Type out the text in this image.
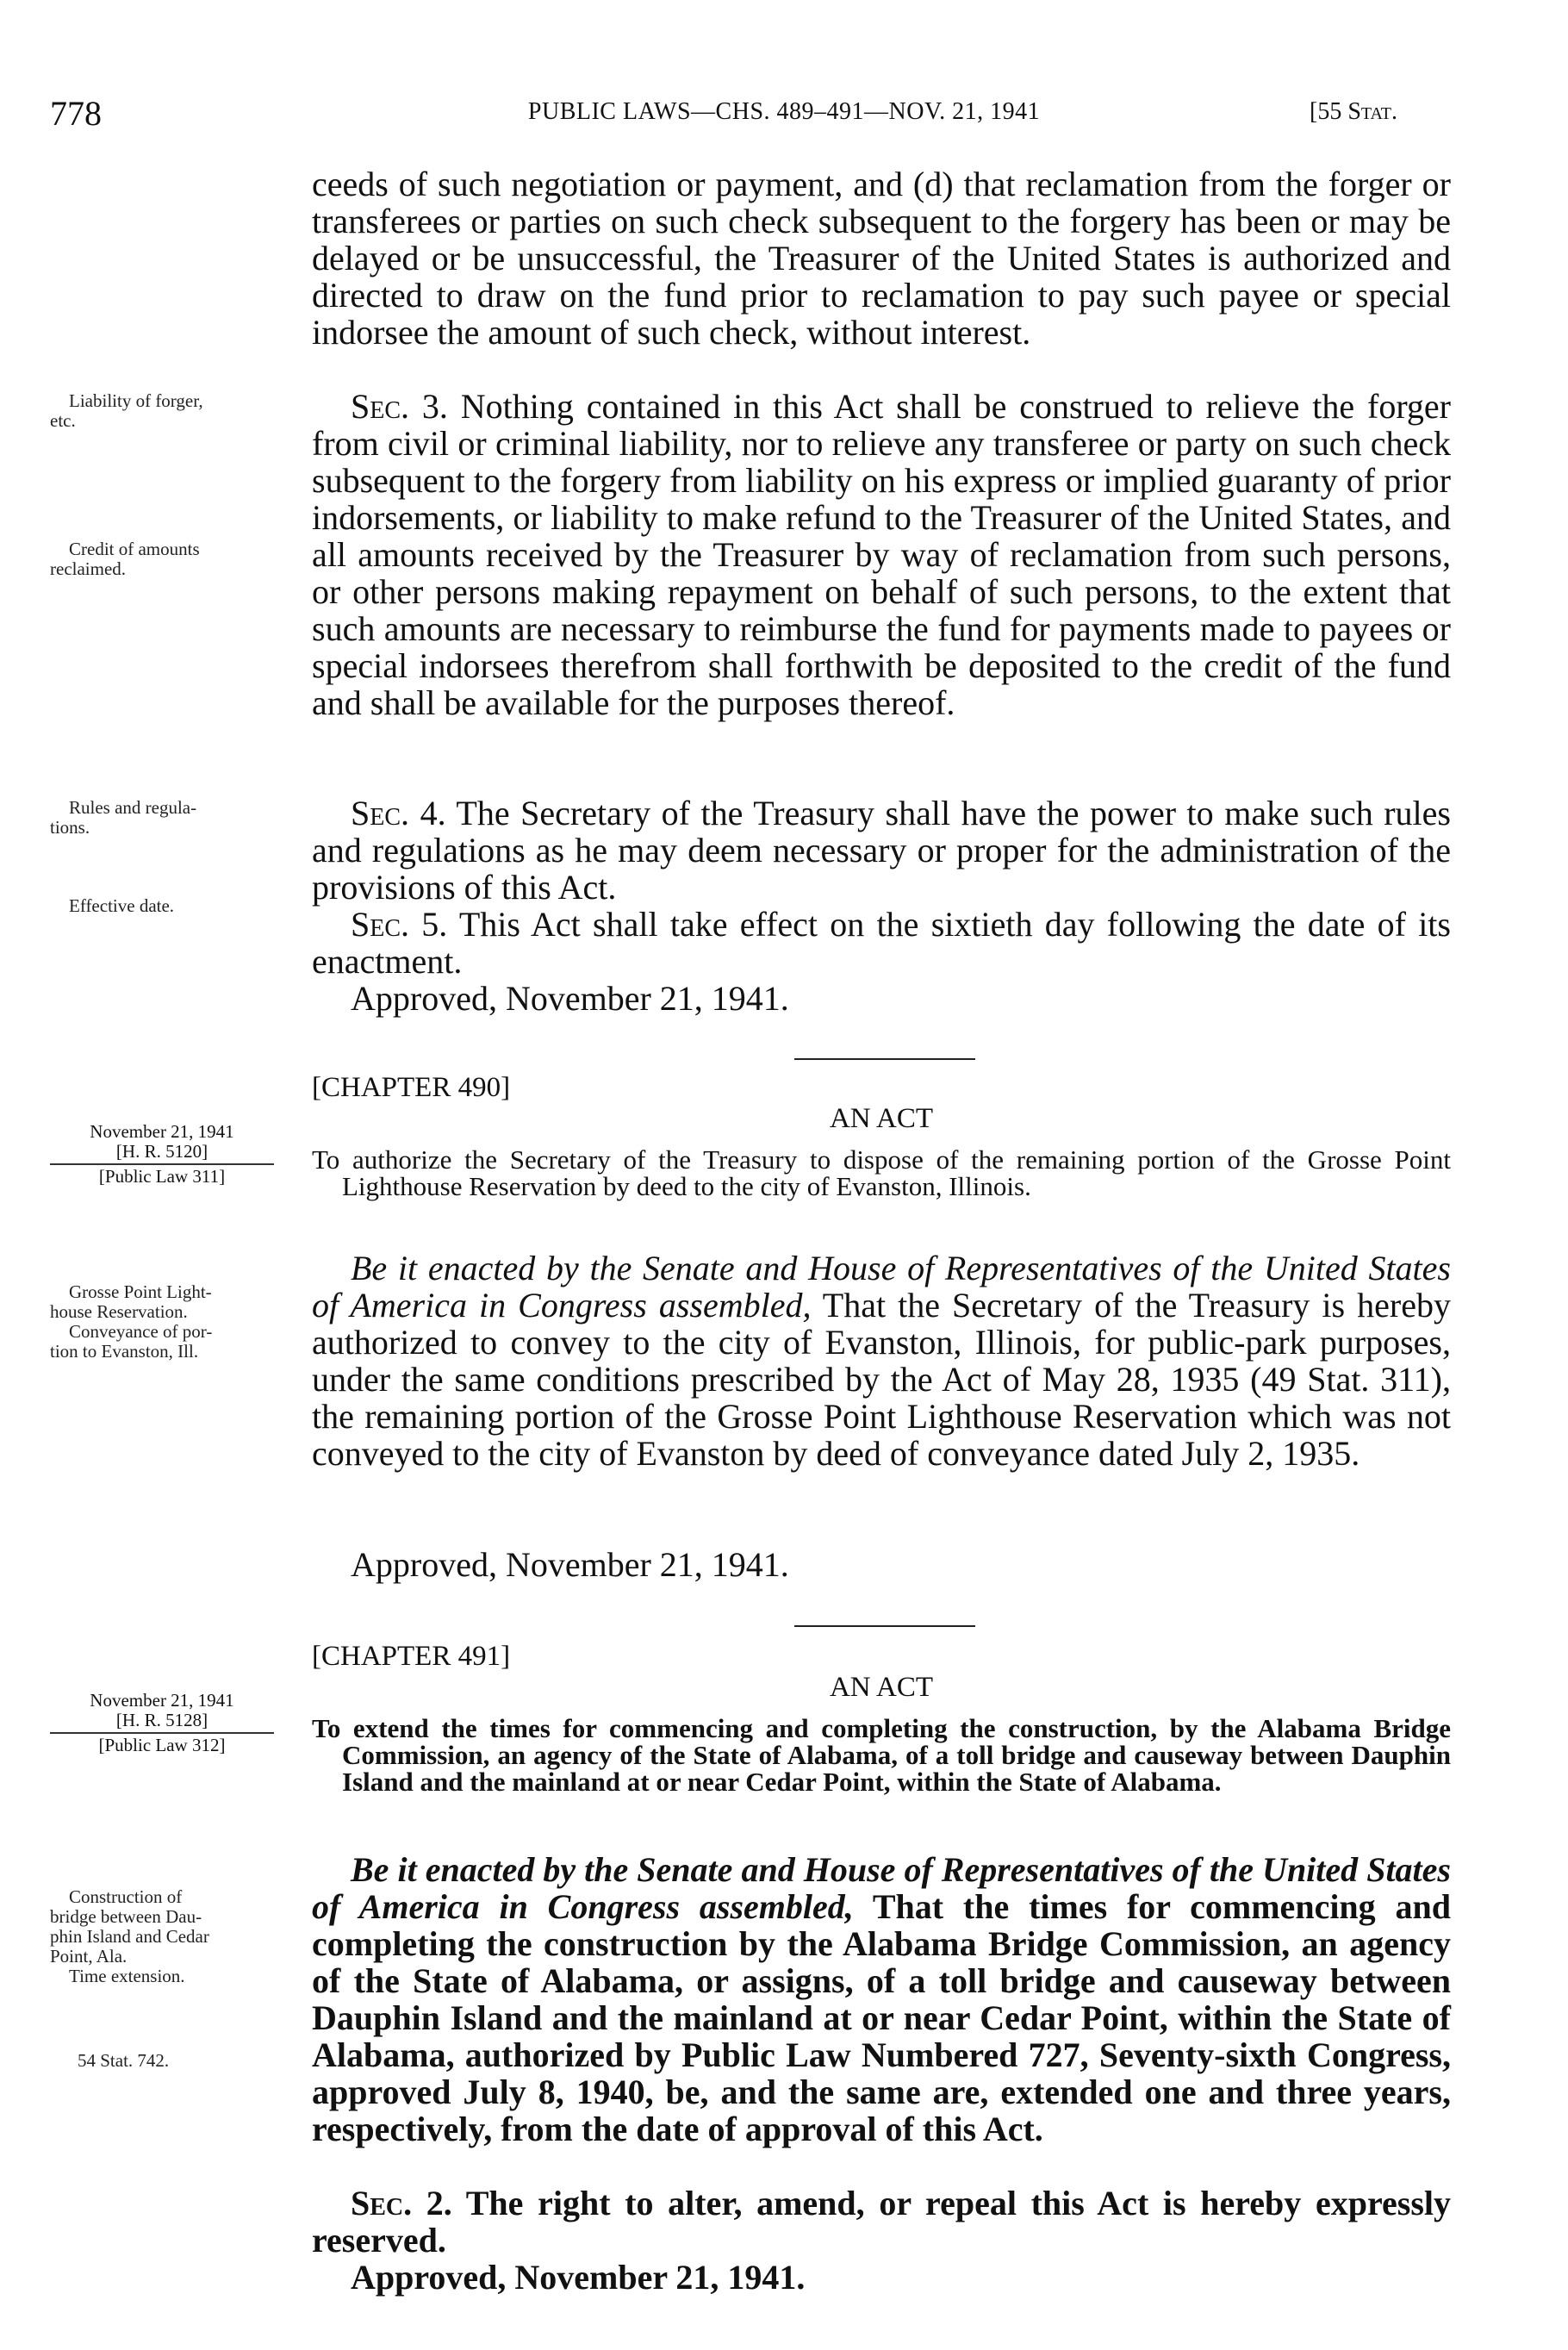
778	PUBLIC LAWS—CHS. 489–491—NOV. 21, 1941	[55 Stat.

ceeds of such negotiation or payment, and (d) that reclamation from the forger or transferees or parties on such check subsequent to the forgery has been or may be delayed or be unsuccessful, the Treasurer of the United States is authorized and directed to draw on the fund prior to reclamation to pay such payee or special indorsee the amount of such check, without interest.

Sec. 3. Nothing contained in this Act shall be construed to relieve the forger from civil or criminal liability, nor to relieve any transferee or party on such check subsequent to the forgery from liability on his express or implied guaranty of prior indorsements, or liability to make refund to the Treasurer of the United States, and all amounts received by the Treasurer by way of reclamation from such persons, or other persons making repayment on behalf of such persons, to the extent that such amounts are necessary to reimburse the fund for payments made to payees or special indorsees therefrom shall forthwith be deposited to the credit of the fund and shall be available for the purposes thereof.

Sec. 4. The Secretary of the Treasury shall have the power to make such rules and regulations as he may deem necessary or proper for the administration of the provisions of this Act.

Sec. 5. This Act shall take effect on the sixtieth day following the date of its enactment.

Approved, November 21, 1941.
Liability of forger,
etc.
Credit of amounts
reclaimed.
Rules and regula-
tions.
Effective date.
[CHAPTER 490]
AN ACT
November 21, 1941
[H. R. 5120]
[Public Law 311]

To authorize the Secretary of the Treasury to dispose of the remaining portion of the Grosse Point Lighthouse Reservation by deed to the city of Evanston, Illinois.

Be it enacted by the Senate and House of Representatives of the United States of America in Congress assembled, That the Secretary of the Treasury is hereby authorized to convey to the city of Evanston, Illinois, for public-park purposes, under the same conditions prescribed by the Act of May 28, 1935 (49 Stat. 311), the remaining portion of the Grosse Point Lighthouse Reservation which was not conveyed to the city of Evanston by deed of conveyance dated July 2, 1935.

Approved, November 21, 1941.
Grosse Point Light-
house Reservation.
Conveyance of por-
tion to Evanston, Ill.
[CHAPTER 491]
AN ACT
November 21, 1941
[H. R. 5128]
[Public Law 312]

To extend the times for commencing and completing the construction, by the Alabama Bridge Commission, an agency of the State of Alabama, of a toll bridge and causeway between Dauphin Island and the mainland at or near Cedar Point, within the State of Alabama.

Be it enacted by the Senate and House of Representatives of the United States of America in Congress assembled, That the times for commencing and completing the construction by the Alabama Bridge Commission, an agency of the State of Alabama, or assigns, of a toll bridge and causeway between Dauphin Island and the mainland at or near Cedar Point, within the State of Alabama, authorized by Public Law Numbered 727, Seventy-sixth Congress, approved July 8, 1940, be, and the same are, extended one and three years, respectively, from the date of approval of this Act.

Sec. 2. The right to alter, amend, or repeal this Act is hereby expressly reserved.

Approved, November 21, 1941.
Construction of
bridge between Dau-
phin Island and Cedar
Point, Ala.
Time extension.
54 Stat. 742.
